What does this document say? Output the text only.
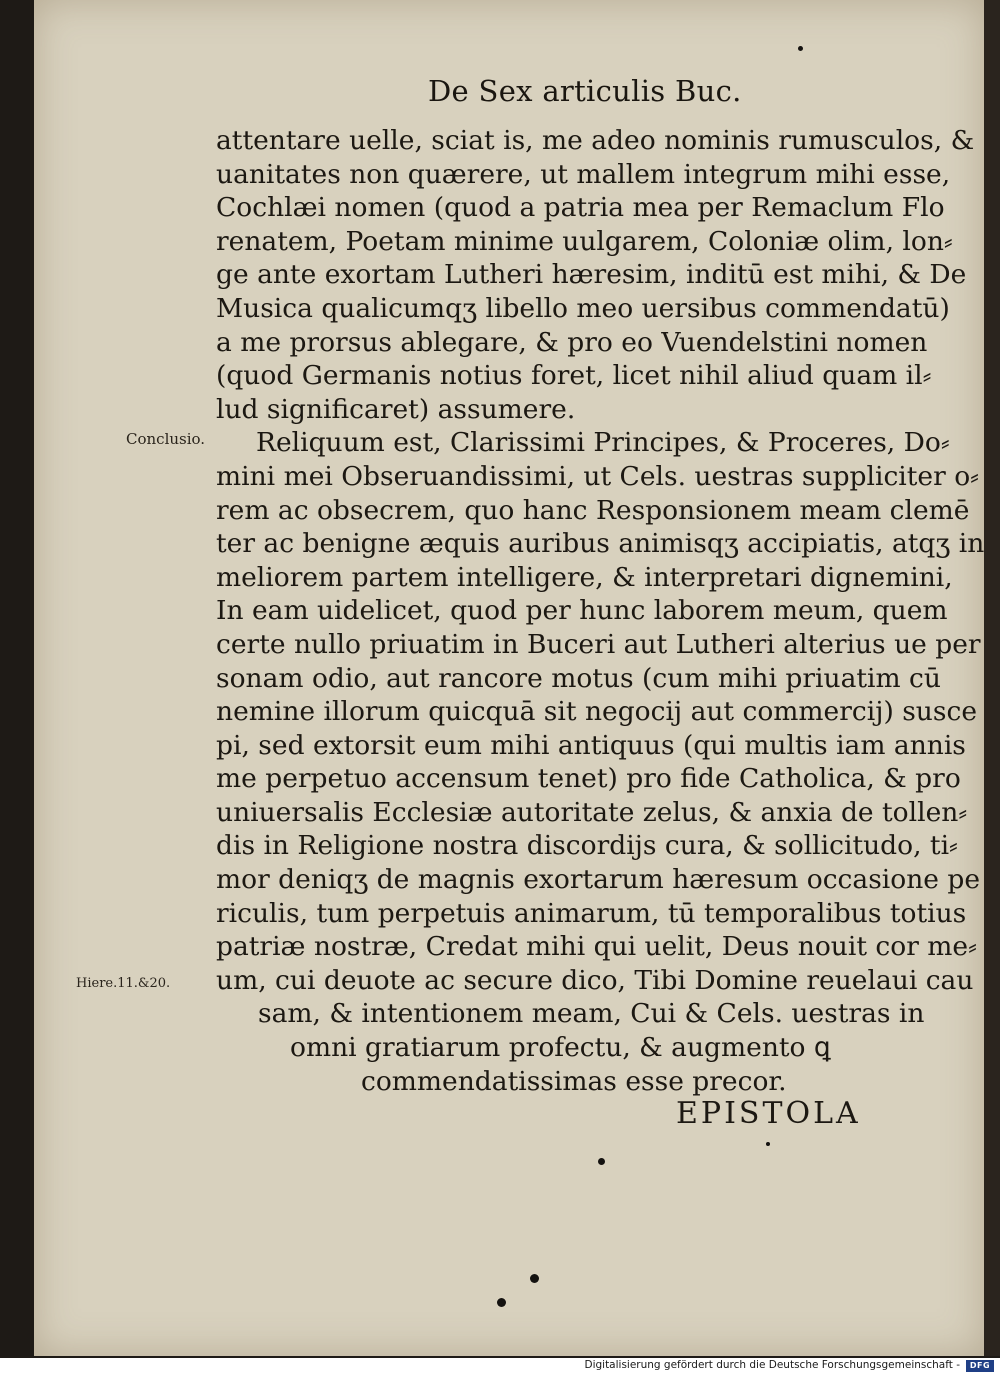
De Sex articulis Buc.
Conclusio.
Hiere.11.&20.
attentare uelle, sciat is, me adeo nominis rumusculos, &
uanitates non quærere, ut mallem integrum mihi esse,
Cochlæi nomen (quod a patria mea per Remaclum Flo
renatem, Poetam minime uulgarem, Coloniæ olim, lon⸗
ge ante exortam Lutheri hæresim, inditū est mihi, & De
Musica qualicumqʒ libello meo uersibus commendatū)
a me prorsus ablegare, & pro eo Vuendelstini nomen
(quod Germanis notius foret, licet nihil aliud quam il⸗
lud significaret) assumere.
Reliquum est, Clarissimi Principes, & Proceres, Do⸗
mini mei Obseruandissimi, ut Cels. uestras suppliciter o⸗
rem ac obsecrem, quo hanc Responsionem meam clemē
ter ac benigne æquis auribus animisqʒ accipiatis, atqʒ in
meliorem partem intelligere, & interpretari dignemini,
In eam uidelicet, quod per hunc laborem meum, quem
certe nullo priuatim in Buceri aut Lutheri alterius ue per
sonam odio, aut rancore motus (cum mihi priuatim cū
nemine illorum quicquā sit negocij aut commercij) susce
pi, sed extorsit eum mihi antiquus (qui multis iam annis
me perpetuo accensum tenet) pro fide Catholica, & pro
uniuersalis Ecclesiæ autoritate zelus, & anxia de tollen⸗
dis in Religione nostra discordijs cura, & sollicitudo, ti⸗
mor deniqʒ de magnis exortarum hæresum occasione pe
riculis, tum perpetuis animarum, tū temporalibus totius
patriæ nostræ, Credat mihi qui uelit, Deus nouit cor me⸗
um, cui deuote ac secure dico, Tibi Domine reuelaui cau
sam, & intentionem meam, Cui & Cels. uestras in
omni gratiarum profectu, & augmento ꝗ
commendatissimas esse precor.
EPISTOLA
Digitalisierung gefördert durch die Deutsche Forschungsgemeinschaft -	DFG
